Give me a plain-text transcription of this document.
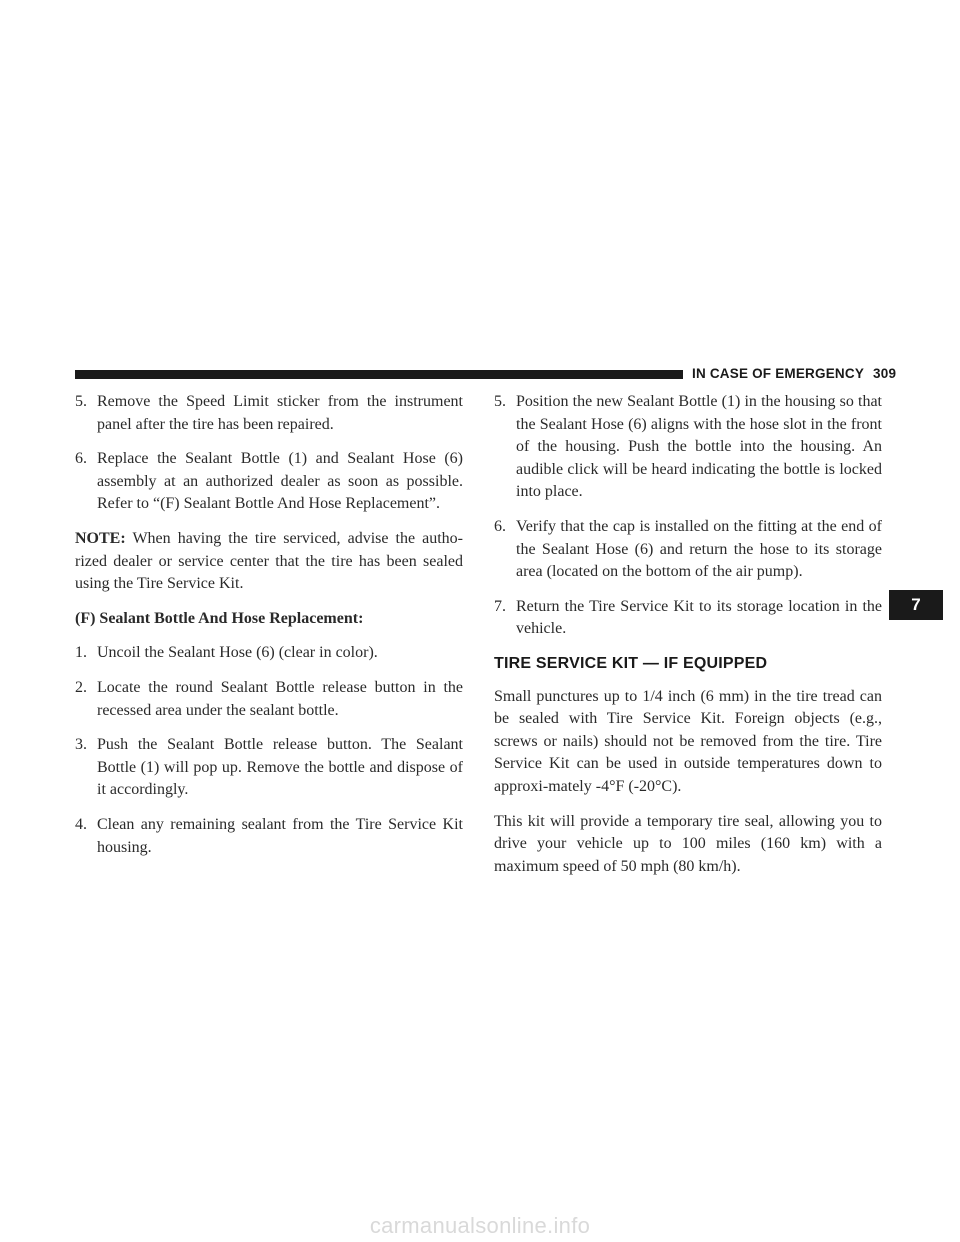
IN CASE OF EMERGENCY 309
5. Remove the Speed Limit sticker from the instrument panel after the tire has been repaired.
6. Replace the Sealant Bottle (1) and Sealant Hose (6) assembly at an authorized dealer as soon as possible. Refer to “(F) Sealant Bottle And Hose Replacement”.

NOTE: When having the tire serviced, advise the autho-rized dealer or service center that the tire has been sealed using the Tire Service Kit.

(F) Sealant Bottle And Hose Replacement:

1. Uncoil the Sealant Hose (6) (clear in color).
2. Locate the round Sealant Bottle release button in the recessed area under the sealant bottle.
3. Push the Sealant Bottle release button. The Sealant Bottle (1) will pop up. Remove the bottle and dispose of it accordingly.
4. Clean any remaining sealant from the Tire Service Kit housing.
5. Position the new Sealant Bottle (1) in the housing so that the Sealant Hose (6) aligns with the hose slot in the front of the housing. Push the bottle into the housing. An audible click will be heard indicating the bottle is locked into place.
6. Verify that the cap is installed on the fitting at the end of the Sealant Hose (6) and return the hose to its storage area (located on the bottom of the air pump).
7. Return the Tire Service Kit to its storage location in the vehicle.
TIRE SERVICE KIT — IF EQUIPPED

Small punctures up to 1/4 inch (6 mm) in the tire tread can be sealed with Tire Service Kit. Foreign objects (e.g., screws or nails) should not be removed from the tire. Tire Service Kit can be used in outside temperatures down to approxi-mately -4°F (-20°C).

This kit will provide a temporary tire seal, allowing you to drive your vehicle up to 100 miles (160 km) with a maximum speed of 50 mph (80 km/h).

7
carmanualsonline.info
